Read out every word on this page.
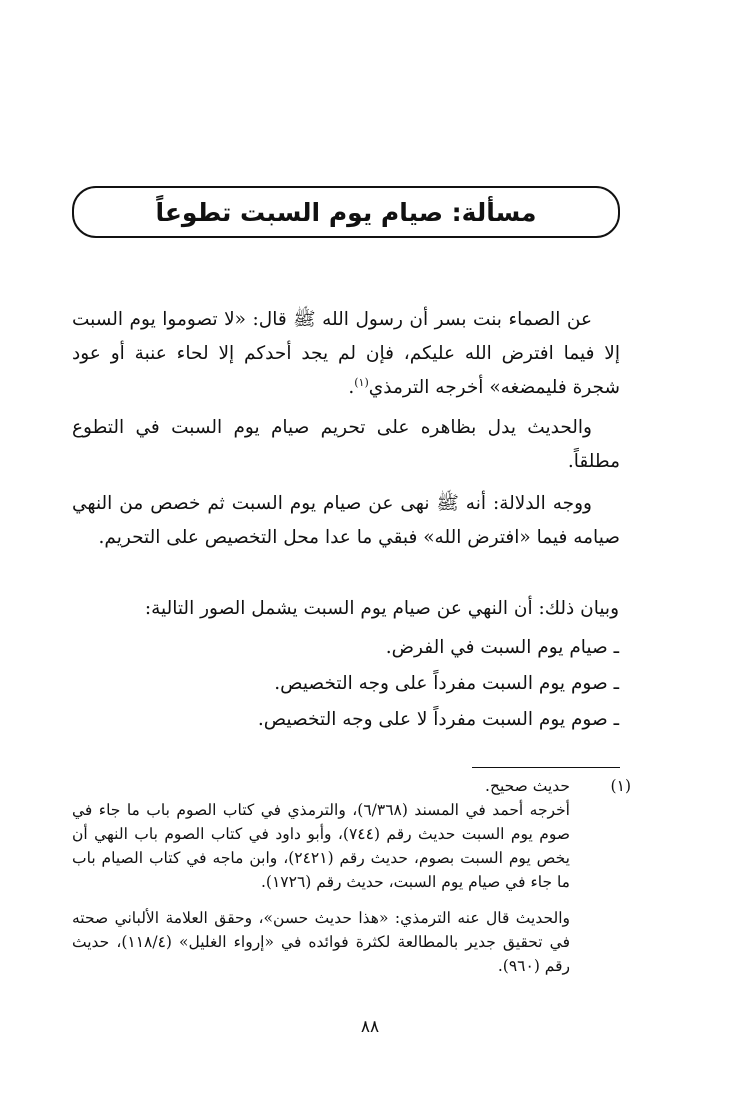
مسألة: صيام يوم السبت تطوعاً

عن الصماء بنت بسر أن رسول الله ﷺ قال: «لا تصوموا يوم السبت إلا فيما افترض الله عليكم، فإن لم يجد أحدكم إلا لحاء عنبة أو عود شجرة فليمضغه» أخرجه الترمذي$^{(١)}$.

والحديث يدل بظاهره على تحريم صيام يوم السبت في التطوع مطلقاً.

ووجه الدلالة: أنه ﷺ نهى عن صيام يوم السبت ثم خصص من النهي صيامه فيما «افترض الله» فبقي ما عدا محل التخصيص على التحريم.

وبيان ذلك: أن النهي عن صيام يوم السبت يشمل الصور التالية:
ـ صيام يوم السبت في الفرض.
ـ صوم يوم السبت مفرداً على وجه التخصيص.
ـ صوم يوم السبت مفرداً لا على وجه التخصيص.
(١)
حديث صحيح.
أخرجه أحمد في المسند (٦/٣٦٨)، والترمذي في كتاب الصوم باب ما جاء في صوم يوم السبت حديث رقم (٧٤٤)، وأبو داود في كتاب الصوم باب النهي أن يخص يوم السبت بصوم، حديث رقم (٢٤٢١)، وابن ماجه في كتاب الصيام باب ما جاء في صيام يوم السبت، حديث رقم (١٧٢٦).
والحديث قال عنه الترمذي: «هذا حديث حسن»، وحقق العلامة الألباني صحته في تحقيق جدير بالمطالعة لكثرة فوائده في «إرواء الغليل» (١١٨/٤)، حديث رقم (٩٦٠).
٨٨
